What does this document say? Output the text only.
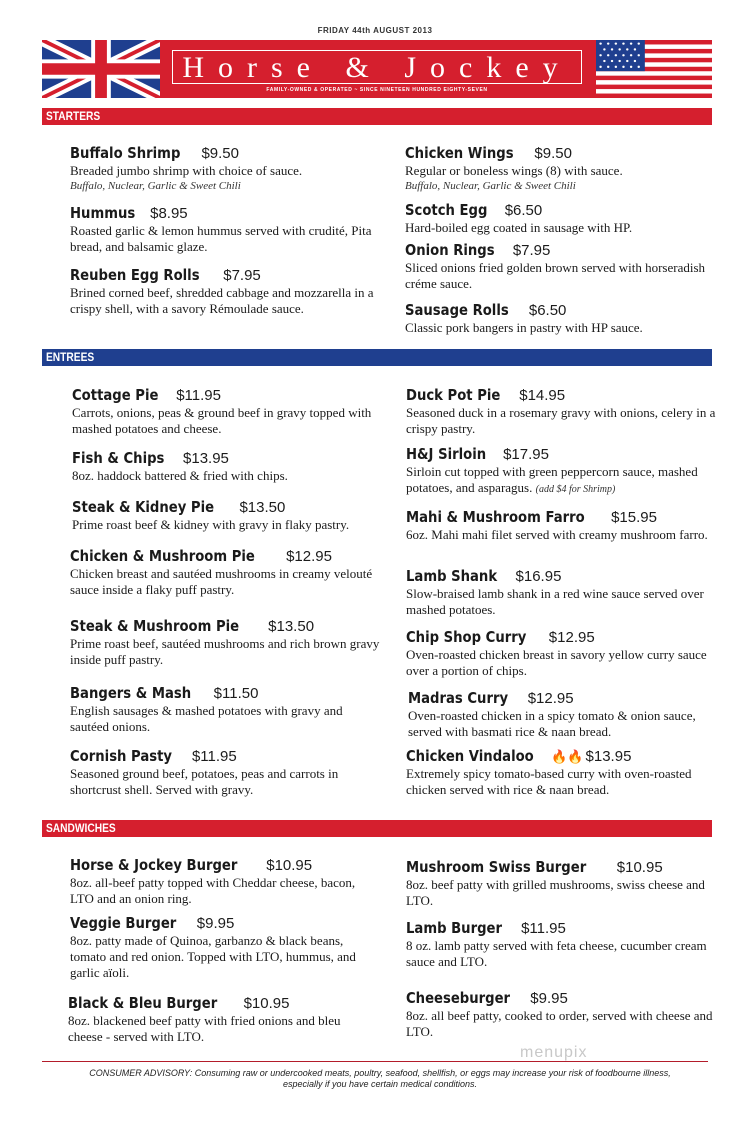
FRIDAY 44th AUGUST 2013
Horse & Jockey
FAMILY-OWNED & OPERATED ~ SINCE NINETEEN HUNDRED EIGHTY-SEVEN
STARTERS
Buffalo Shrimp $9.50
Breaded jumbo shrimp with choice of sauce.
Buffalo, Nuclear, Garlic & Sweet Chili
Hummus $8.95
Roasted garlic & lemon hummus served with crudité, Pita bread, and balsamic glaze.
Reuben Egg Rolls $7.95
Brined corned beef, shredded cabbage and mozzarella in a crispy shell, with a savory Rémoulade sauce.
Chicken Wings $9.50
Regular or boneless wings (8) with sauce.
Buffalo, Nuclear, Garlic & Sweet Chili
Scotch Egg $6.50
Hard-boiled egg coated in sausage with HP.
Onion Rings $7.95
Sliced onions fried golden brown served with horseradish créme sauce.
Sausage Rolls $6.50
Classic pork bangers in pastry with HP sauce.
ENTREES
Cottage Pie $11.95
Carrots, onions, peas & ground beef in gravy topped with mashed potatoes and cheese.
Fish & Chips $13.95
8oz. haddock battered & fried with chips.
Steak & Kidney Pie $13.50
Prime roast beef & kidney with gravy in flaky pastry.
Chicken & Mushroom Pie $12.95
Chicken breast and sautéed mushrooms in creamy velouté sauce inside a flaky puff pastry.
Steak & Mushroom Pie $13.50
Prime roast beef, sautéed mushrooms and rich brown gravy inside puff pastry.
Bangers & Mash $11.50
English sausages & mashed potatoes with gravy and sautéed onions.
Cornish Pasty $11.95
Seasoned ground beef, potatoes, peas and carrots in shortcrust shell. Served with gravy.
Duck Pot Pie $14.95
Seasoned duck in a rosemary gravy with onions, celery in a crispy pastry.
H&J Sirloin $17.95
Sirloin cut topped with green peppercorn sauce, mashed potatoes, and asparagus. (add $4 for Shrimp)
Mahi & Mushroom Farro $15.95
6oz. Mahi mahi filet served with creamy mushroom farro.
Lamb Shank $16.95
Slow-braised lamb shank in a red wine sauce served over mashed potatoes.
Chip Shop Curry $12.95
Oven-roasted chicken breast in savory yellow curry sauce over a portion of chips.
Madras Curry $12.95
Oven-roasted chicken in a spicy tomato & onion sauce, served with basmati rice & naan bread.
Chicken Vindaloo 🔥🔥 $13.95
Extremely spicy tomato-based curry with oven-roasted chicken served with rice & naan bread.
SANDWICHES
Horse & Jockey Burger $10.95
8oz. all-beef patty topped with Cheddar cheese, bacon, LTO and an onion ring.
Veggie Burger $9.95
8oz. patty made of Quinoa, garbanzo & black beans, tomato and red onion. Topped with LTO, hummus, and garlic aïoli.
Black & Bleu Burger $10.95
8oz. blackened beef patty with fried onions and bleu cheese - served with LTO.
Mushroom Swiss Burger $10.95
8oz. beef patty with grilled mushrooms, swiss cheese and LTO.
Lamb Burger $11.95
8 oz. lamb patty served with feta cheese, cucumber cream sauce and LTO.
Cheeseburger $9.95
8oz. all beef patty, cooked to order, served with cheese and LTO.
menupix
CONSUMER ADVISORY: Consuming raw or undercooked meats, poultry, seafood, shellfish, or eggs may increase your risk of foodbourne illness, especially if you have certain medical conditions.
